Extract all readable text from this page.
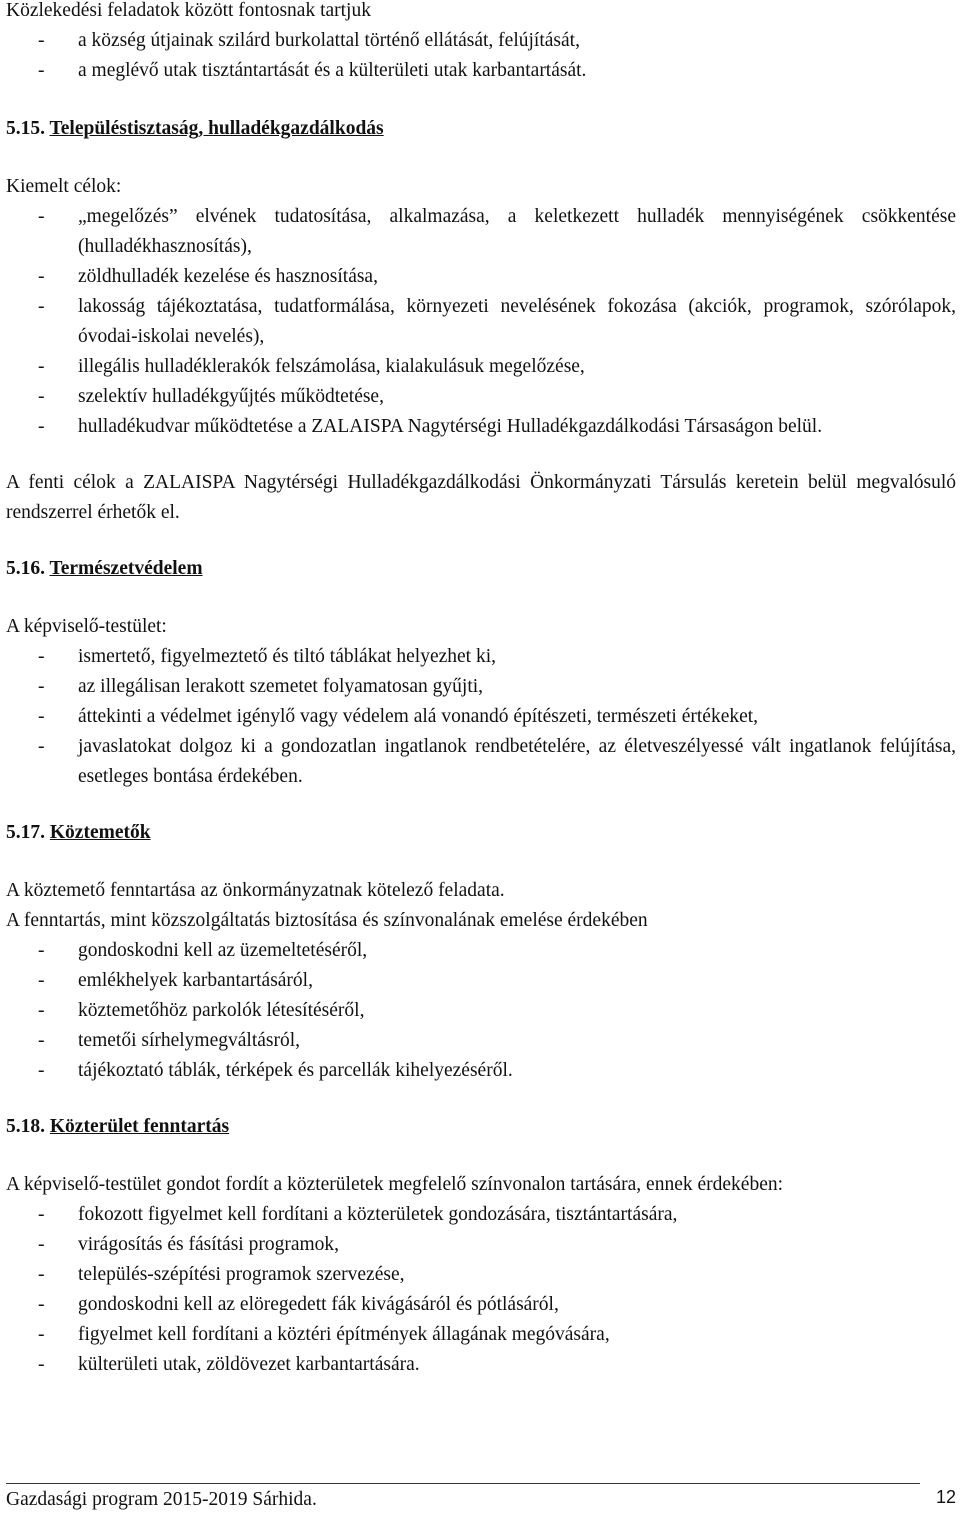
Közlekedési feladatok között fontosnak tartjuk

- a község útjainak szilárd burkolattal történő ellátását, felújítását,
- a meglévő utak tisztántartását és a külterületi utak karbantartását.
5.15. Településtisztaság, hulladékgazdálkodás

Kiemelt célok:

- „megelőzés” elvének tudatosítása, alkalmazása, a keletkezett hulladék mennyiségének csökkentése (hulladékhasznosítás),
- zöldhulladék kezelése és hasznosítása,
- lakosság tájékoztatása, tudatformálása, környezeti nevelésének fokozása (akciók, programok, szórólapok, óvodai-iskolai nevelés),
- illegális hulladéklerakók felszámolása, kialakulásuk megelőzése,
- szelektív hulladékgyűjtés működtetése,
- hulladékudvar működtetése a ZALAISPA Nagytérségi Hulladékgazdálkodási Társaságon belül.

A fenti célok a ZALAISPA Nagytérségi Hulladékgazdálkodási Önkormányzati Társulás keretein belül megvalósuló rendszerrel érhetők el.

5.16. Természetvédelem

A képviselő-testület:

- ismertető, figyelmeztető és tiltó táblákat helyezhet ki,
- az illegálisan lerakott szemetet folyamatosan gyűjti,
- áttekinti a védelmet igénylő vagy védelem alá vonandó építészeti, természeti értékeket,
- javaslatokat dolgoz ki a gondozatlan ingatlanok rendbetételére, az életveszélyessé vált ingatlanok felújítása, esetleges bontása érdekében.
5.17. Köztemetők

A köztemető fenntartása az önkormányzatnak kötelező feladata.

A fenntartás, mint közszolgáltatás biztosítása és színvonalának emelése érdekében

- gondoskodni kell az üzemeltetéséről,
- emlékhelyek karbantartásáról,
- köztemetőhöz parkolók létesítéséről,
- temetői sírhelymegváltásról,
- tájékoztató táblák, térképek és parcellák kihelyezéséről.
5.18. Közterület fenntartás

A képviselő-testület gondot fordít a közterületek megfelelő színvonalon tartására, ennek érdekében:

- fokozott figyelmet kell fordítani a közterületek gondozására, tisztántartására,
- virágosítás és fásítási programok,
- település-szépítési programok szervezése,
- gondoskodni kell az elöregedett fák kivágásáról és pótlásáról,
- figyelmet kell fordítani a köztéri építmények állagának megóvására,
- külterületi utak, zöldövezet karbantartására.
Gazdasági program 2015-2019 Sárhida.	12
